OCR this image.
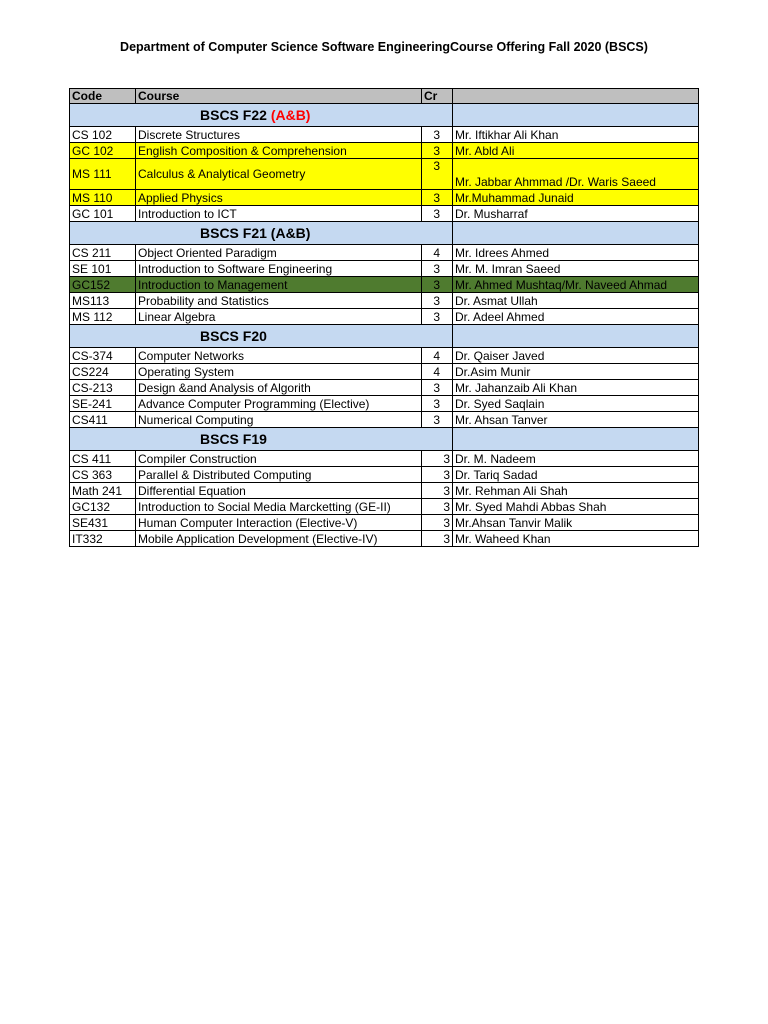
Department of Computer Science Software EngineeringCourse Offering Fall 2020 (BSCS)
Code	Course	Cr	
BSCS F22 (A&B)			
CS 102	Discrete Structures	3	Mr. Iftikhar Ali Khan
GC 102	English Composition & Comprehension	3	Mr. Abld Ali
MS 111	Calculus & Analytical Geometry	3	Mr. Jabbar Ahmmad /Dr. Waris Saeed
MS 110	Applied Physics	3	Mr.Muhammad Junaid
GC 101	Introduction to ICT	3	Dr. Musharraf
BSCS F21 (A&B)			
CS 211	Object Oriented Paradigm	4	Mr. Idrees Ahmed
SE 101	Introduction to Software Engineering	3	Mr. M. Imran Saeed
GC152	Introduction to Management	3	Mr. Ahmed Mushtaq/Mr. Naveed Ahmad
MS113	Probability and Statistics	3	Dr. Asmat Ullah
MS 112	Linear Algebra	3	Dr. Adeel Ahmed
BSCS F20			
CS-374	Computer Networks	4	Dr. Qaiser Javed
CS224	Operating System	4	Dr.Asim Munir
CS-213	Design &and Analysis of Algorith	3	Mr. Jahanzaib Ali Khan
SE-241	Advance Computer Programming (Elective)	3	Dr. Syed Saqlain
CS411	Numerical Computing	3	Mr. Ahsan Tanver
BSCS F19			
CS 411	Compiler Construction	3	Dr. M. Nadeem
CS 363	Parallel & Distributed Computing	3	Dr. Tariq Sadad
Math 241	Differential Equation	3	Mr. Rehman Ali Shah
GC132	Introduction to Social Media Marcketting (GE-II)	3	Mr. Syed Mahdi Abbas Shah
SE431	Human Computer Interaction (Elective-V)	3	Mr.Ahsan Tanvir Malik
IT332	Mobile Application Development (Elective-IV)	3	Mr. Waheed Khan
